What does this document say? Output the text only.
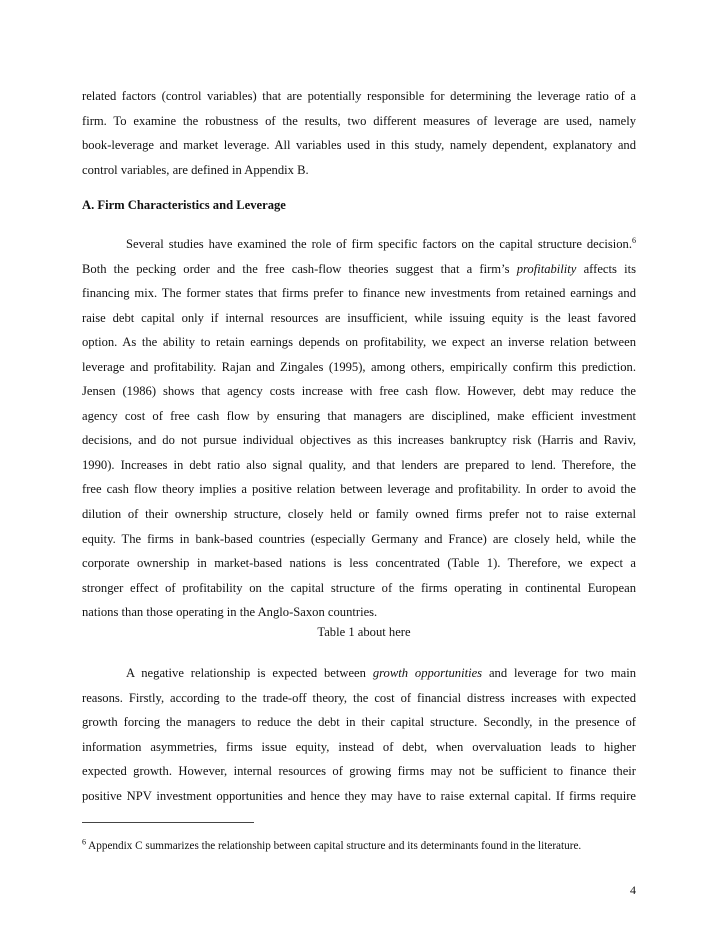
related factors (control variables) that are potentially responsible for determining the leverage ratio of a
firm. To examine the robustness of the results, two different measures of leverage are used, namely
book-leverage and market leverage. All variables used in this study, namely dependent, explanatory and
control variables, are defined in Appendix B.
A. Firm Characteristics and Leverage
Several studies have examined the role of firm specific factors on the capital structure decision.$^6$
Both the pecking order and the free cash-flow theories suggest that a firm’s profitability affects its
financing mix. The former states that firms prefer to finance new investments from retained earnings and
raise debt capital only if internal resources are insufficient, while issuing equity is the least favored
option. As the ability to retain earnings depends on profitability, we expect an inverse relation between
leverage and profitability. Rajan and Zingales (1995), among others, empirically confirm this prediction.
Jensen (1986) shows that agency costs increase with free cash flow. However, debt may reduce the
agency cost of free cash flow by ensuring that managers are disciplined, make efficient investment
decisions, and do not pursue individual objectives as this increases bankruptcy risk (Harris and Raviv,
1990). Increases in debt ratio also signal quality, and that lenders are prepared to lend. Therefore, the
free cash flow theory implies a positive relation between leverage and profitability. In order to avoid the
dilution of their ownership structure, closely held or family owned firms prefer not to raise external
equity. The firms in bank-based countries (especially Germany and France) are closely held, while the
corporate ownership in market-based nations is less concentrated (Table 1). Therefore, we expect a
stronger effect of profitability on the capital structure of the firms operating in continental European
nations than those operating in the Anglo-Saxon countries.
Table 1 about here
A negative relationship is expected between growth opportunities and leverage for two main
reasons. Firstly, according to the trade-off theory, the cost of financial distress increases with expected
growth forcing the managers to reduce the debt in their capital structure. Secondly, in the presence of
information asymmetries, firms issue equity, instead of debt, when overvaluation leads to higher
expected growth. However, internal resources of growing firms may not be sufficient to finance their
positive NPV investment opportunities and hence they may have to raise external capital. If firms require
$^6$ Appendix C summarizes the relationship between capital structure and its determinants found in the literature.
4
